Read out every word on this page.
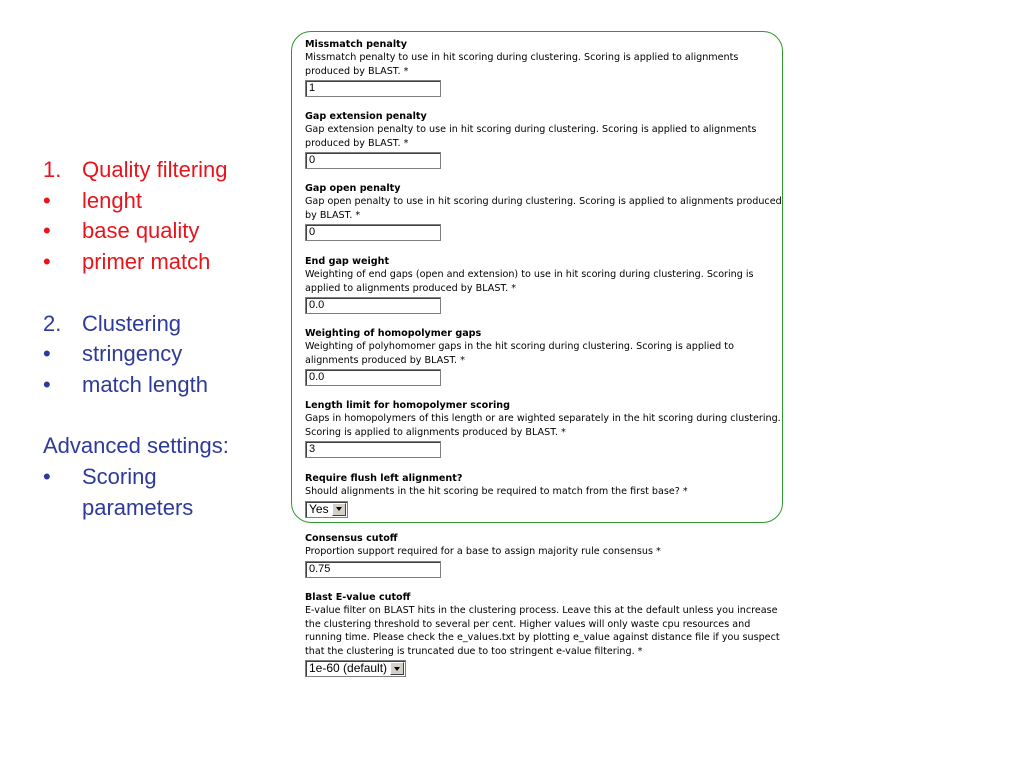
1. Quality filtering
•	lenght
•	base quality
•	primer match
2. Clustering
•	stringency
•	match length
Advanced settings:
•	Scoring parameters
Missmatch penalty
Missmatch penalty to use in hit scoring during clustering. Scoring is applied to alignments produced by BLAST. *
1
Gap extension penalty
Gap extension penalty to use in hit scoring during clustering. Scoring is applied to alignments produced by BLAST. *
0
Gap open penalty
Gap open penalty to use in hit scoring during clustering. Scoring is applied to alignments produced by BLAST. *
0
End gap weight
Weighting of end gaps (open and extension) to use in hit scoring during clustering. Scoring is applied to alignments produced by BLAST. *
0.0
Weighting of homopolymer gaps
Weighting of polyhomomer gaps in the hit scoring during clustering. Scoring is applied to alignments produced by BLAST. *
0.0
Length limit for homopolymer scoring
Gaps in homopolymers of this length or are wighted separately in the hit scoring during clustering. Scoring is applied to alignments produced by BLAST. *
3
Require flush left alignment?
Should alignments in the hit scoring be required to match from the first base? *
Yes
Consensus cutoff
Proportion support required for a base to assign majority rule consensus *
0.75
Blast E-value cutoff
E-value filter on BLAST hits in the clustering process. Leave this at the default unless you increase the clustering threshold to several per cent. Higher values will only waste cpu resources and running time. Please check the e_values.txt by plotting e_value against distance file if you suspect that the clustering is truncated due to too stringent e-value filtering. *
1e-60 (default)
